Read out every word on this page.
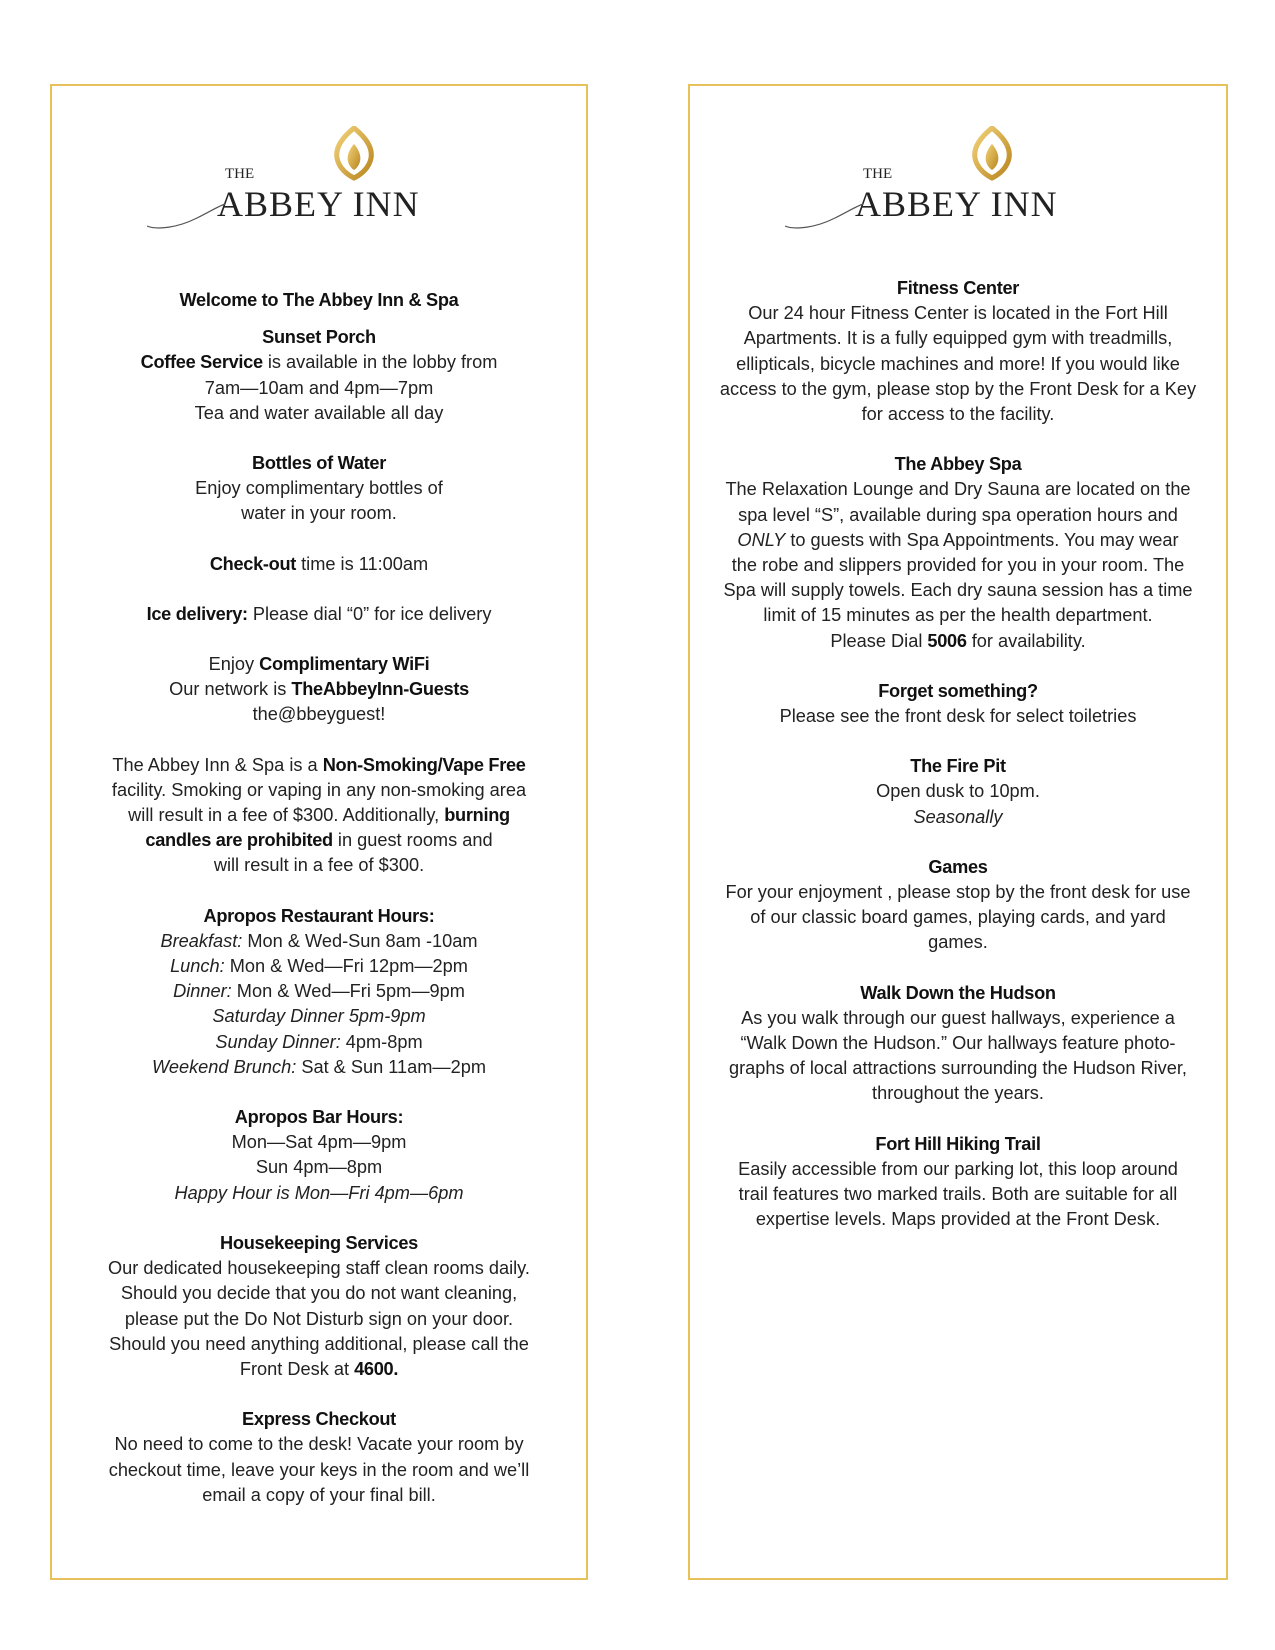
THE
ABBEY INN

Welcome to The Abbey Inn & Spa

Sunset Porch

Coffee Service is available in the lobby from

7am—10am and 4pm—7pm

Tea and water available all day

Bottles of Water

Enjoy complimentary bottles of

water in your room.

Check-out time is 11:00am

Ice delivery: Please dial “0” for ice delivery

Enjoy Complimentary WiFi

Our network is TheAbbeyInn-Guests

the@bbeyguest!

The Abbey Inn & Spa is a Non-Smoking/Vape Free

facility. Smoking or vaping in any non-smoking area

will result in a fee of $300. Additionally, burning

candles are prohibited in guest rooms and

will result in a fee of $300.

Apropos Restaurant Hours:

Breakfast: Mon & Wed-Sun 8am -10am

Lunch: Mon & Wed—Fri 12pm—2pm

Dinner: Mon & Wed—Fri 5pm—9pm

Saturday Dinner 5pm-9pm

Sunday Dinner: 4pm-8pm

Weekend Brunch: Sat & Sun 11am—2pm

Apropos Bar Hours:

Mon—Sat 4pm—9pm

Sun 4pm—8pm

Happy Hour is Mon—Fri 4pm—6pm

Housekeeping Services

Our dedicated housekeeping staff clean rooms daily.

Should you decide that you do not want cleaning,

please put the Do Not Disturb sign on your door.

Should you need anything additional, please call the

Front Desk at 4600.

Express Checkout

No need to come to the desk! Vacate your room by

checkout time, leave your keys in the room and we’ll

email a copy of your final bill.

THE
ABBEY INN

Fitness Center

Our 24 hour Fitness Center is located in the Fort Hill

Apartments. It is a fully equipped gym with treadmills,

ellipticals, bicycle machines and more! If you would like

access to the gym, please stop by the Front Desk for a Key

for access to the facility.

The Abbey Spa

The Relaxation Lounge and Dry Sauna are located on the

spa level “S”, available during spa operation hours and

ONLY to guests with Spa Appointments. You may wear

the robe and slippers provided for you in your room. The

Spa will supply towels. Each dry sauna session has a time

limit of 15 minutes as per the health department.

Please Dial 5006 for availability.

Forget something?

Please see the front desk for select toiletries

The Fire Pit

Open dusk to 10pm.

Seasonally

Games

For your enjoyment , please stop by the front desk for use

of our classic board games, playing cards, and yard

games.

Walk Down the Hudson

As you walk through our guest hallways, experience a

“Walk Down the Hudson.” Our hallways feature photo-

graphs of local attractions surrounding the Hudson River,

throughout the years.

Fort Hill Hiking Trail

Easily accessible from our parking lot, this loop around

trail features two marked trails. Both are suitable for all

expertise levels. Maps provided at the Front Desk.
